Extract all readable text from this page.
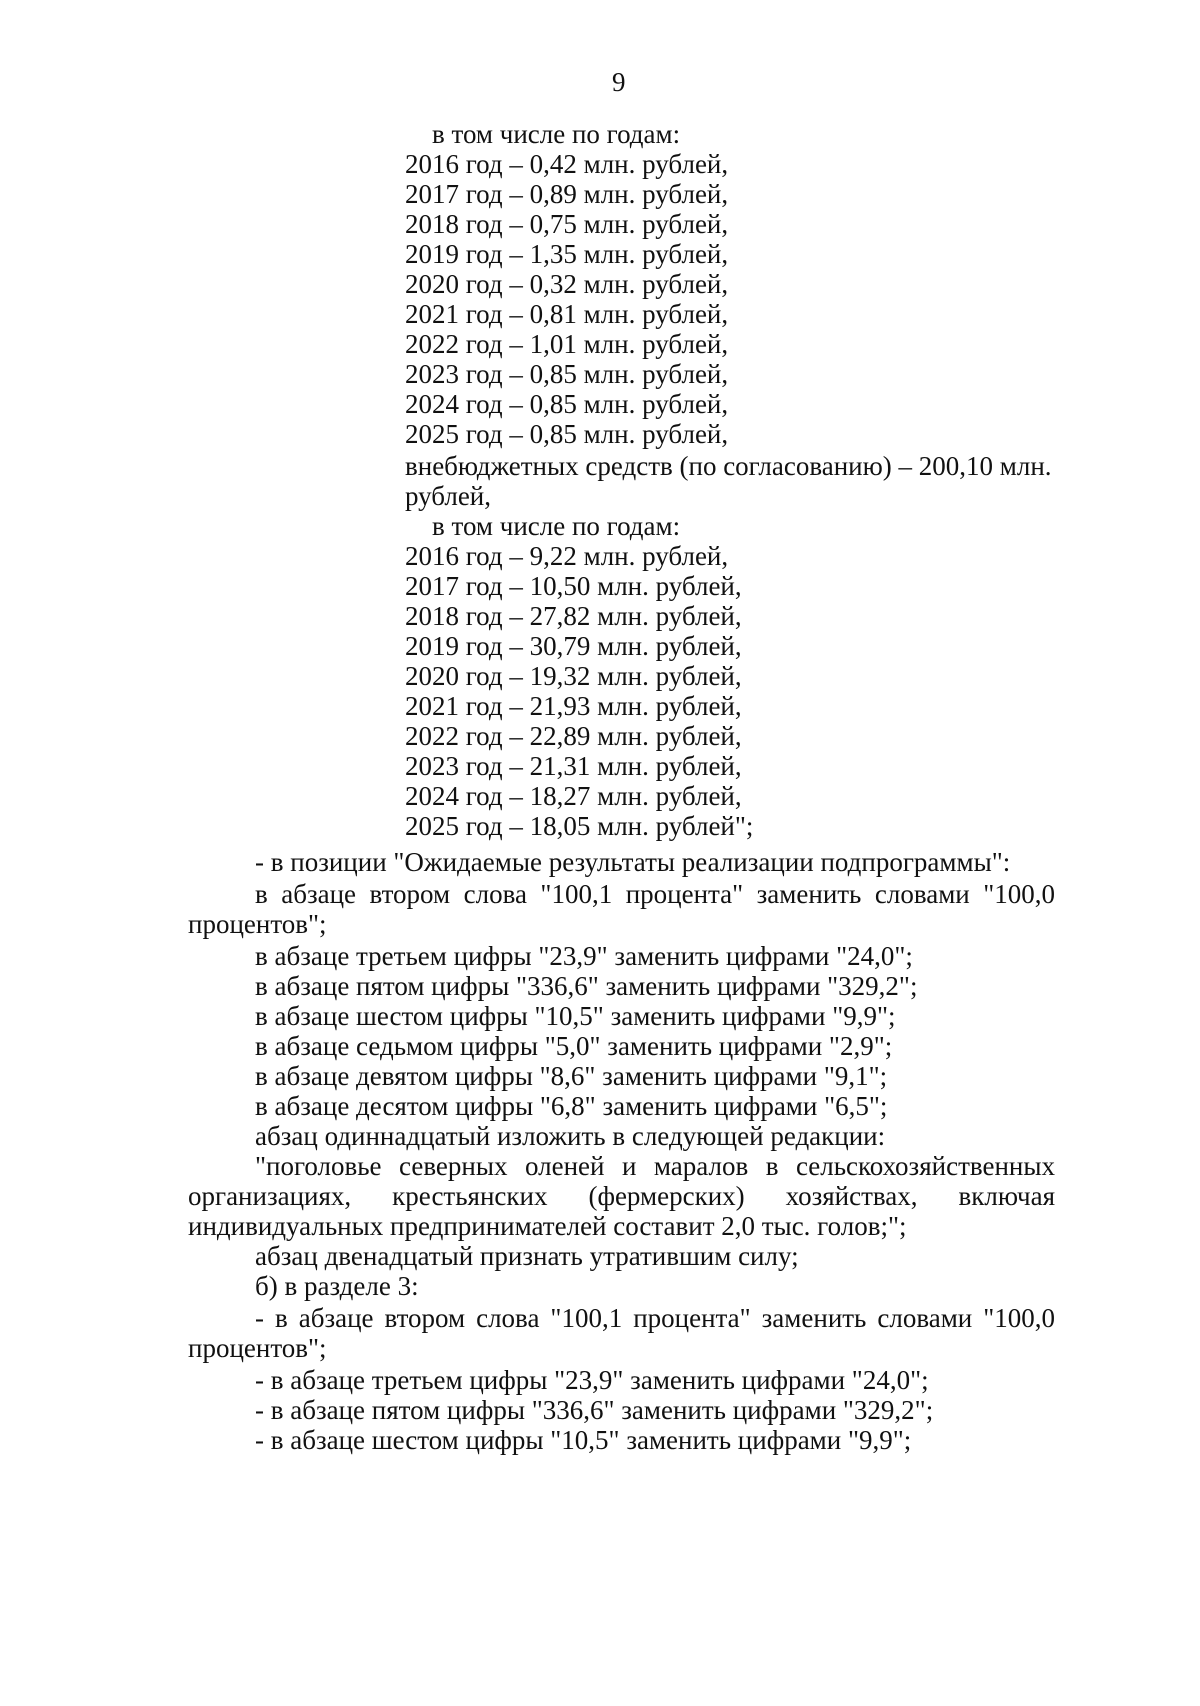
9
в том числе по годам:
2016 год – 0,42 млн. рублей,
2017 год – 0,89 млн. рублей,
2018 год – 0,75 млн. рублей,
2019 год – 1,35 млн. рублей,
2020 год – 0,32 млн. рублей,
2021 год – 0,81 млн. рублей,
2022 год – 1,01 млн. рублей,
2023 год – 0,85 млн. рублей,
2024 год – 0,85 млн. рублей,
2025 год – 0,85 млн. рублей,
внебюджетных средств (по согласованию) – 200,10 млн.
рублей,
в том числе по годам:
2016 год – 9,22 млн. рублей,
2017 год – 10,50 млн. рублей,
2018 год – 27,82 млн. рублей,
2019 год – 30,79 млн. рублей,
2020 год – 19,32 млн. рублей,
2021 год – 21,93 млн. рублей,
2022 год – 22,89 млн. рублей,
2023 год – 21,31 млн. рублей,
2024 год – 18,27 млн. рублей,
2025 год – 18,05 млн. рублей";
- в позиции "Ожидаемые результаты реализации подпрограммы":
в абзаце втором слова "100,1 процента" заменить словами "100,0
процентов";
в абзаце третьем цифры "23,9" заменить цифрами "24,0";
в абзаце пятом цифры "336,6" заменить цифрами "329,2";
в абзаце шестом цифры "10,5" заменить цифрами "9,9";
в абзаце седьмом цифры "5,0" заменить цифрами "2,9";
в абзаце девятом цифры "8,6" заменить цифрами "9,1";
в абзаце десятом цифры "6,8" заменить цифрами "6,5";
абзац одиннадцатый изложить в следующей редакции:
"поголовье северных оленей и маралов в сельскохозяйственных
организациях, крестьянских (фермерских) хозяйствах, включая
индивидуальных предпринимателей составит 2,0 тыс. голов;";
абзац двенадцатый признать утратившим силу;
б) в разделе 3:
- в абзаце втором слова "100,1 процента" заменить словами "100,0
процентов";
- в абзаце третьем цифры "23,9" заменить цифрами "24,0";
- в абзаце пятом цифры "336,6" заменить цифрами "329,2";
- в абзаце шестом цифры "10,5" заменить цифрами "9,9";
